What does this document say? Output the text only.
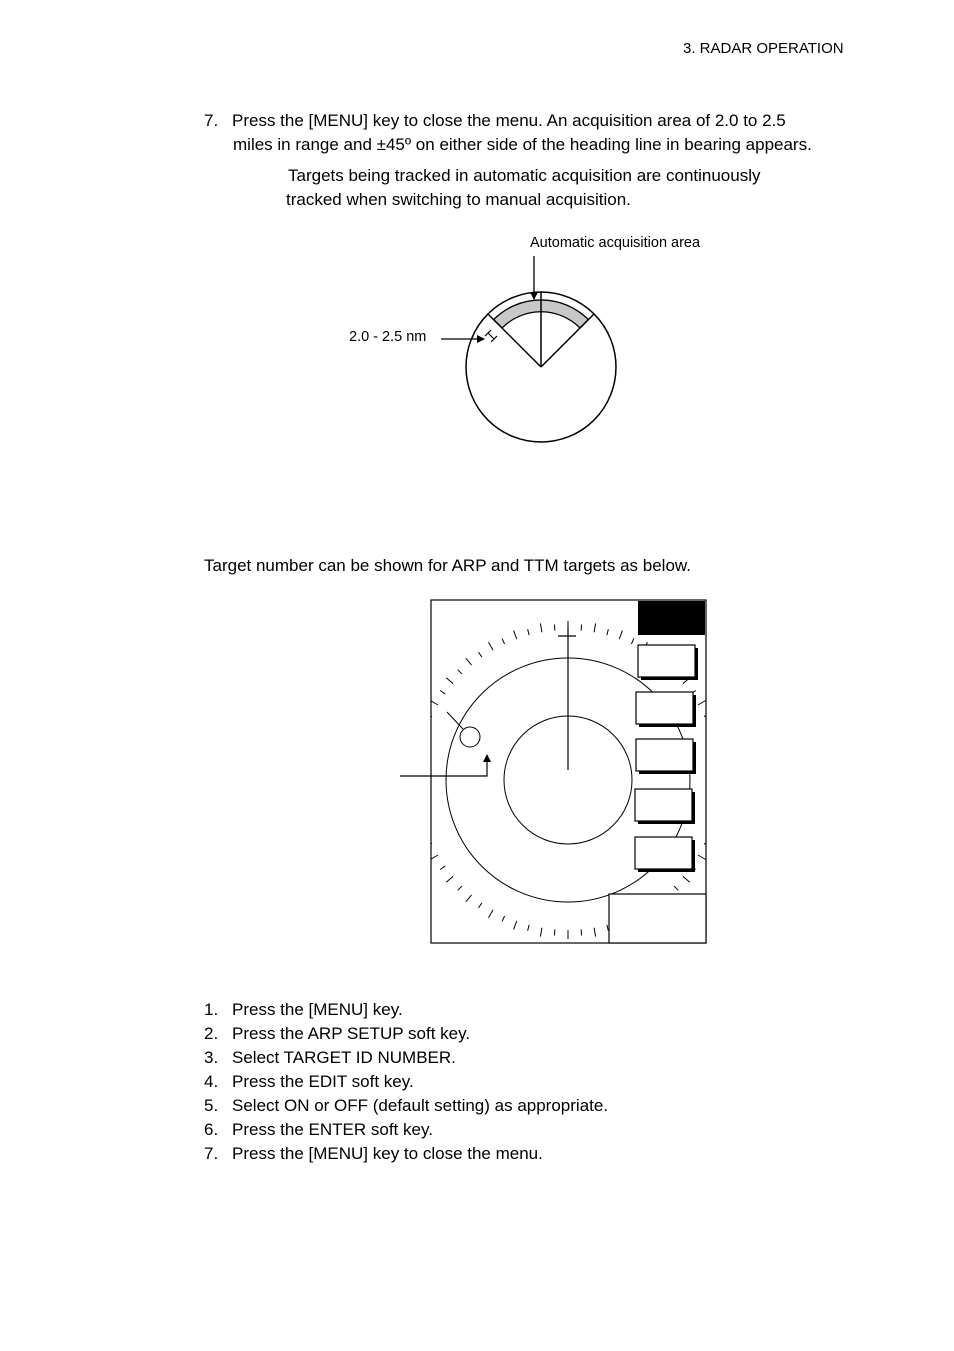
3. RADAR OPERATION
7. Press the [MENU] key to close the menu. An acquisition area of 2.0 to 2.5
miles in range and ±45º on either side of the heading line in bearing appears.
Targets being tracked in automatic acquisition are continuously
tracked when switching to manual acquisition.
Automatic acquisition area
2.0 - 2.5 nm
Target number can be shown for ARP and TTM targets as below.
1. Press the [MENU] key.
2. Press the ARP SETUP soft key.
3. Select TARGET ID NUMBER.
4. Press the EDIT soft key.
5. Select ON or OFF (default setting) as appropriate.
6. Press the ENTER soft key.
7. Press the [MENU] key to close the menu.
